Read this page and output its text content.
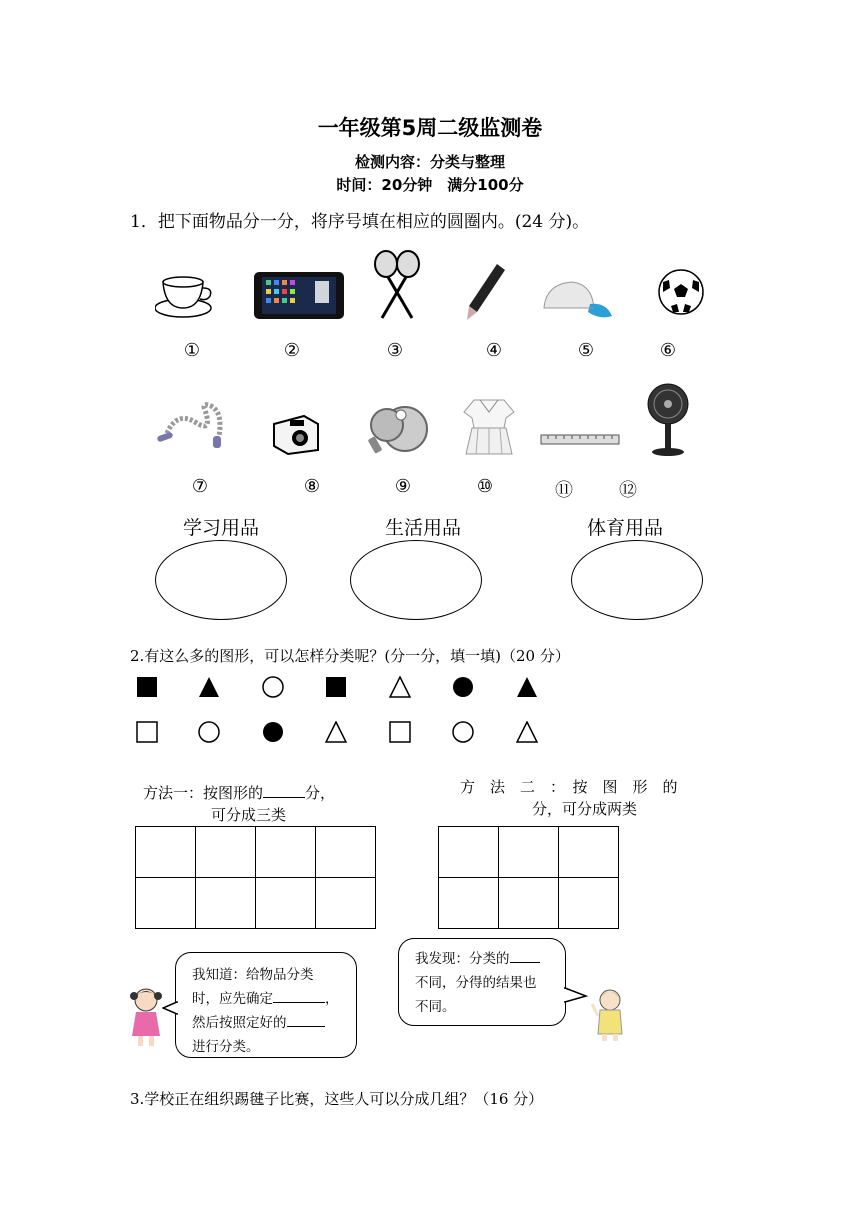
一年级第5周二级监测卷
检测内容：分类与整理
时间：20分钟　满分100分
1．把下面物品分一分，将序号填在相应的圆圈内。(24 分)。
①	②	③	④	⑤	⑥
⑦	⑧	⑨	⑩	⑪	⑫
学习用品	生活用品	体育用品
2.有这么多的图形，可以怎样分类呢？(分一分，填一填)（20 分）
方法一：按图形的	分，
可分成三类

方　法　二　：　按　图　形　的
分，可分成两类

我知道：给物品分类
时，应先确定	，
然后按照定好的
进行分类。
我发现：分类的
不同，分得的结果也
不同。
3.学校正在组织踢毽子比赛，这些人可以分成几组？（16 分）
